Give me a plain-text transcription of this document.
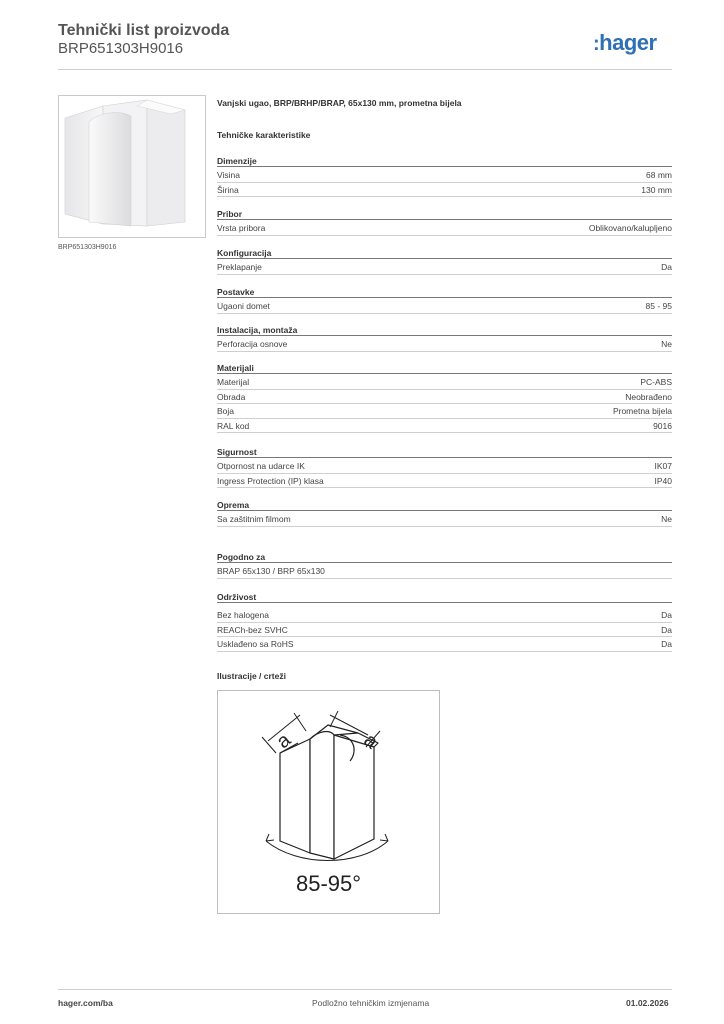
Tehnički list proizvoda
BRP651303H9016	:hager
BRP651303H9016
Vanjski ugao, BRP/BRHP/BRAP, 65x130 mm, prometna bijela
Tehničke karakteristike
Dimenzije
Visina	68 mm
Širina	130 mm
Pribor
Vrsta pribora	Oblikovano/kalupljeno
Konfiguracija
Preklapanje	Da
Postavke
Ugaoni domet	85 - 95
Instalacija, montaža
Perforacija osnove	Ne
Materijali
Materijal	PC-ABS
Obrada	Neobrađeno
Boja	Prometna bijela
RAL kod	9016
Sigurnost
Otpornost na udarce IK	IK07
Ingress Protection (IP) klasa	IP40
Oprema
Sa zaštitnim filmom	Ne
Pogodno za
BRAP 65x130 / BRP 65x130
Održivost
Bez halogena	Da
REACh-bez SVHC	Da
Usklađeno sa RoHS	Da
Ilustracije / crteži
a	a
85-95°
hager.com/ba	Podložno tehničkim izmjenama	01.02.2026
